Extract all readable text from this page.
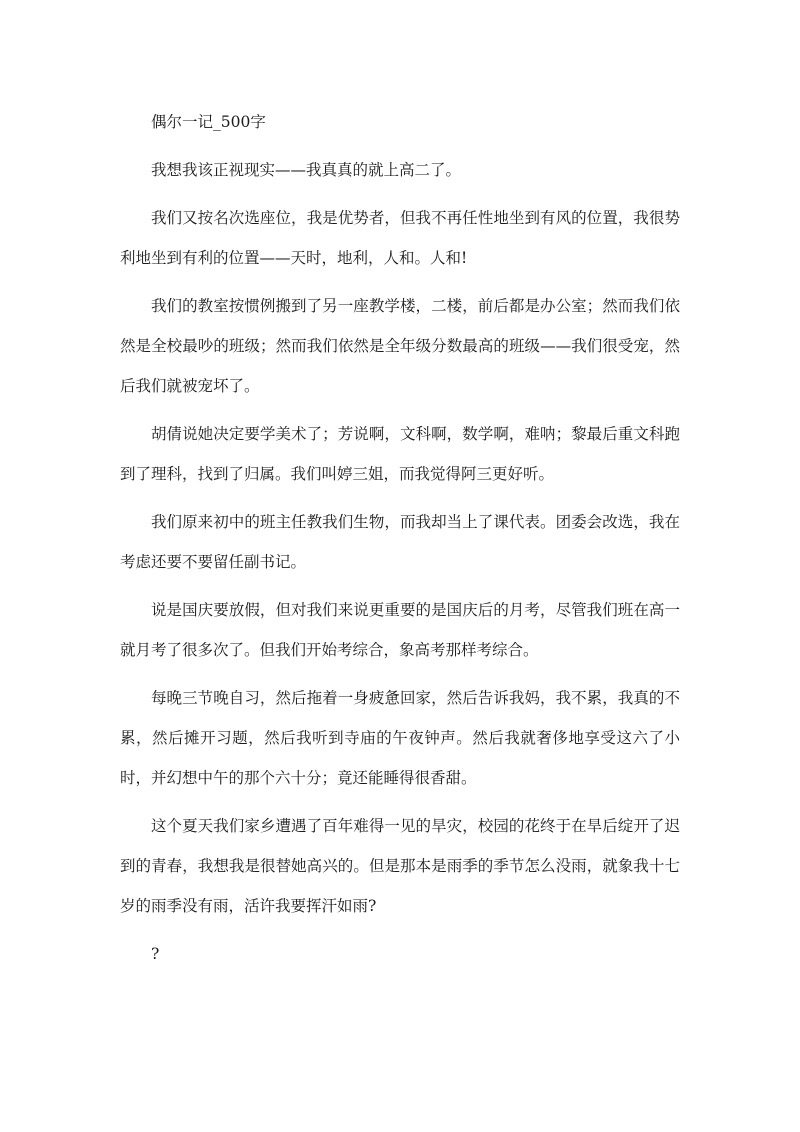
偶尔一记_500字

我想我该正视现实——我真真的就上高二了。

我们又按名次选座位，我是优势者，但我不再任性地坐到有风的位置，我很势利地坐到有利的位置——天时，地利，人和。人和!

我们的教室按惯例搬到了另一座教学楼，二楼，前后都是办公室；然而我们依然是全校最吵的班级；然而我们依然是全年级分数最高的班级——我们很受宠，然后我们就被宠坏了。

胡倩说她决定要学美术了；芳说啊，文科啊，数学啊，难呐；黎最后重文科跑到了理科，找到了归属。我们叫婷三姐，而我觉得阿三更好听。

我们原来初中的班主任教我们生物，而我却当上了课代表。团委会改选，我在考虑还要不要留任副书记。

说是国庆要放假，但对我们来说更重要的是国庆后的月考，尽管我们班在高一就月考了很多次了。但我们开始考综合，象高考那样考综合。

每晚三节晚自习，然后拖着一身疲惫回家，然后告诉我妈，我不累，我真的不累，然后摊开习题，然后我听到寺庙的午夜钟声。然后我就奢侈地享受这六了小时，并幻想中午的那个六十分；竟还能睡得很香甜。

这个夏天我们家乡遭遇了百年难得一见的旱灾，校园的花终于在旱后绽开了迟到的青春，我想我是很替她高兴的。但是那本是雨季的季节怎么没雨，就象我十七岁的雨季没有雨，活许我要挥汗如雨?

?
